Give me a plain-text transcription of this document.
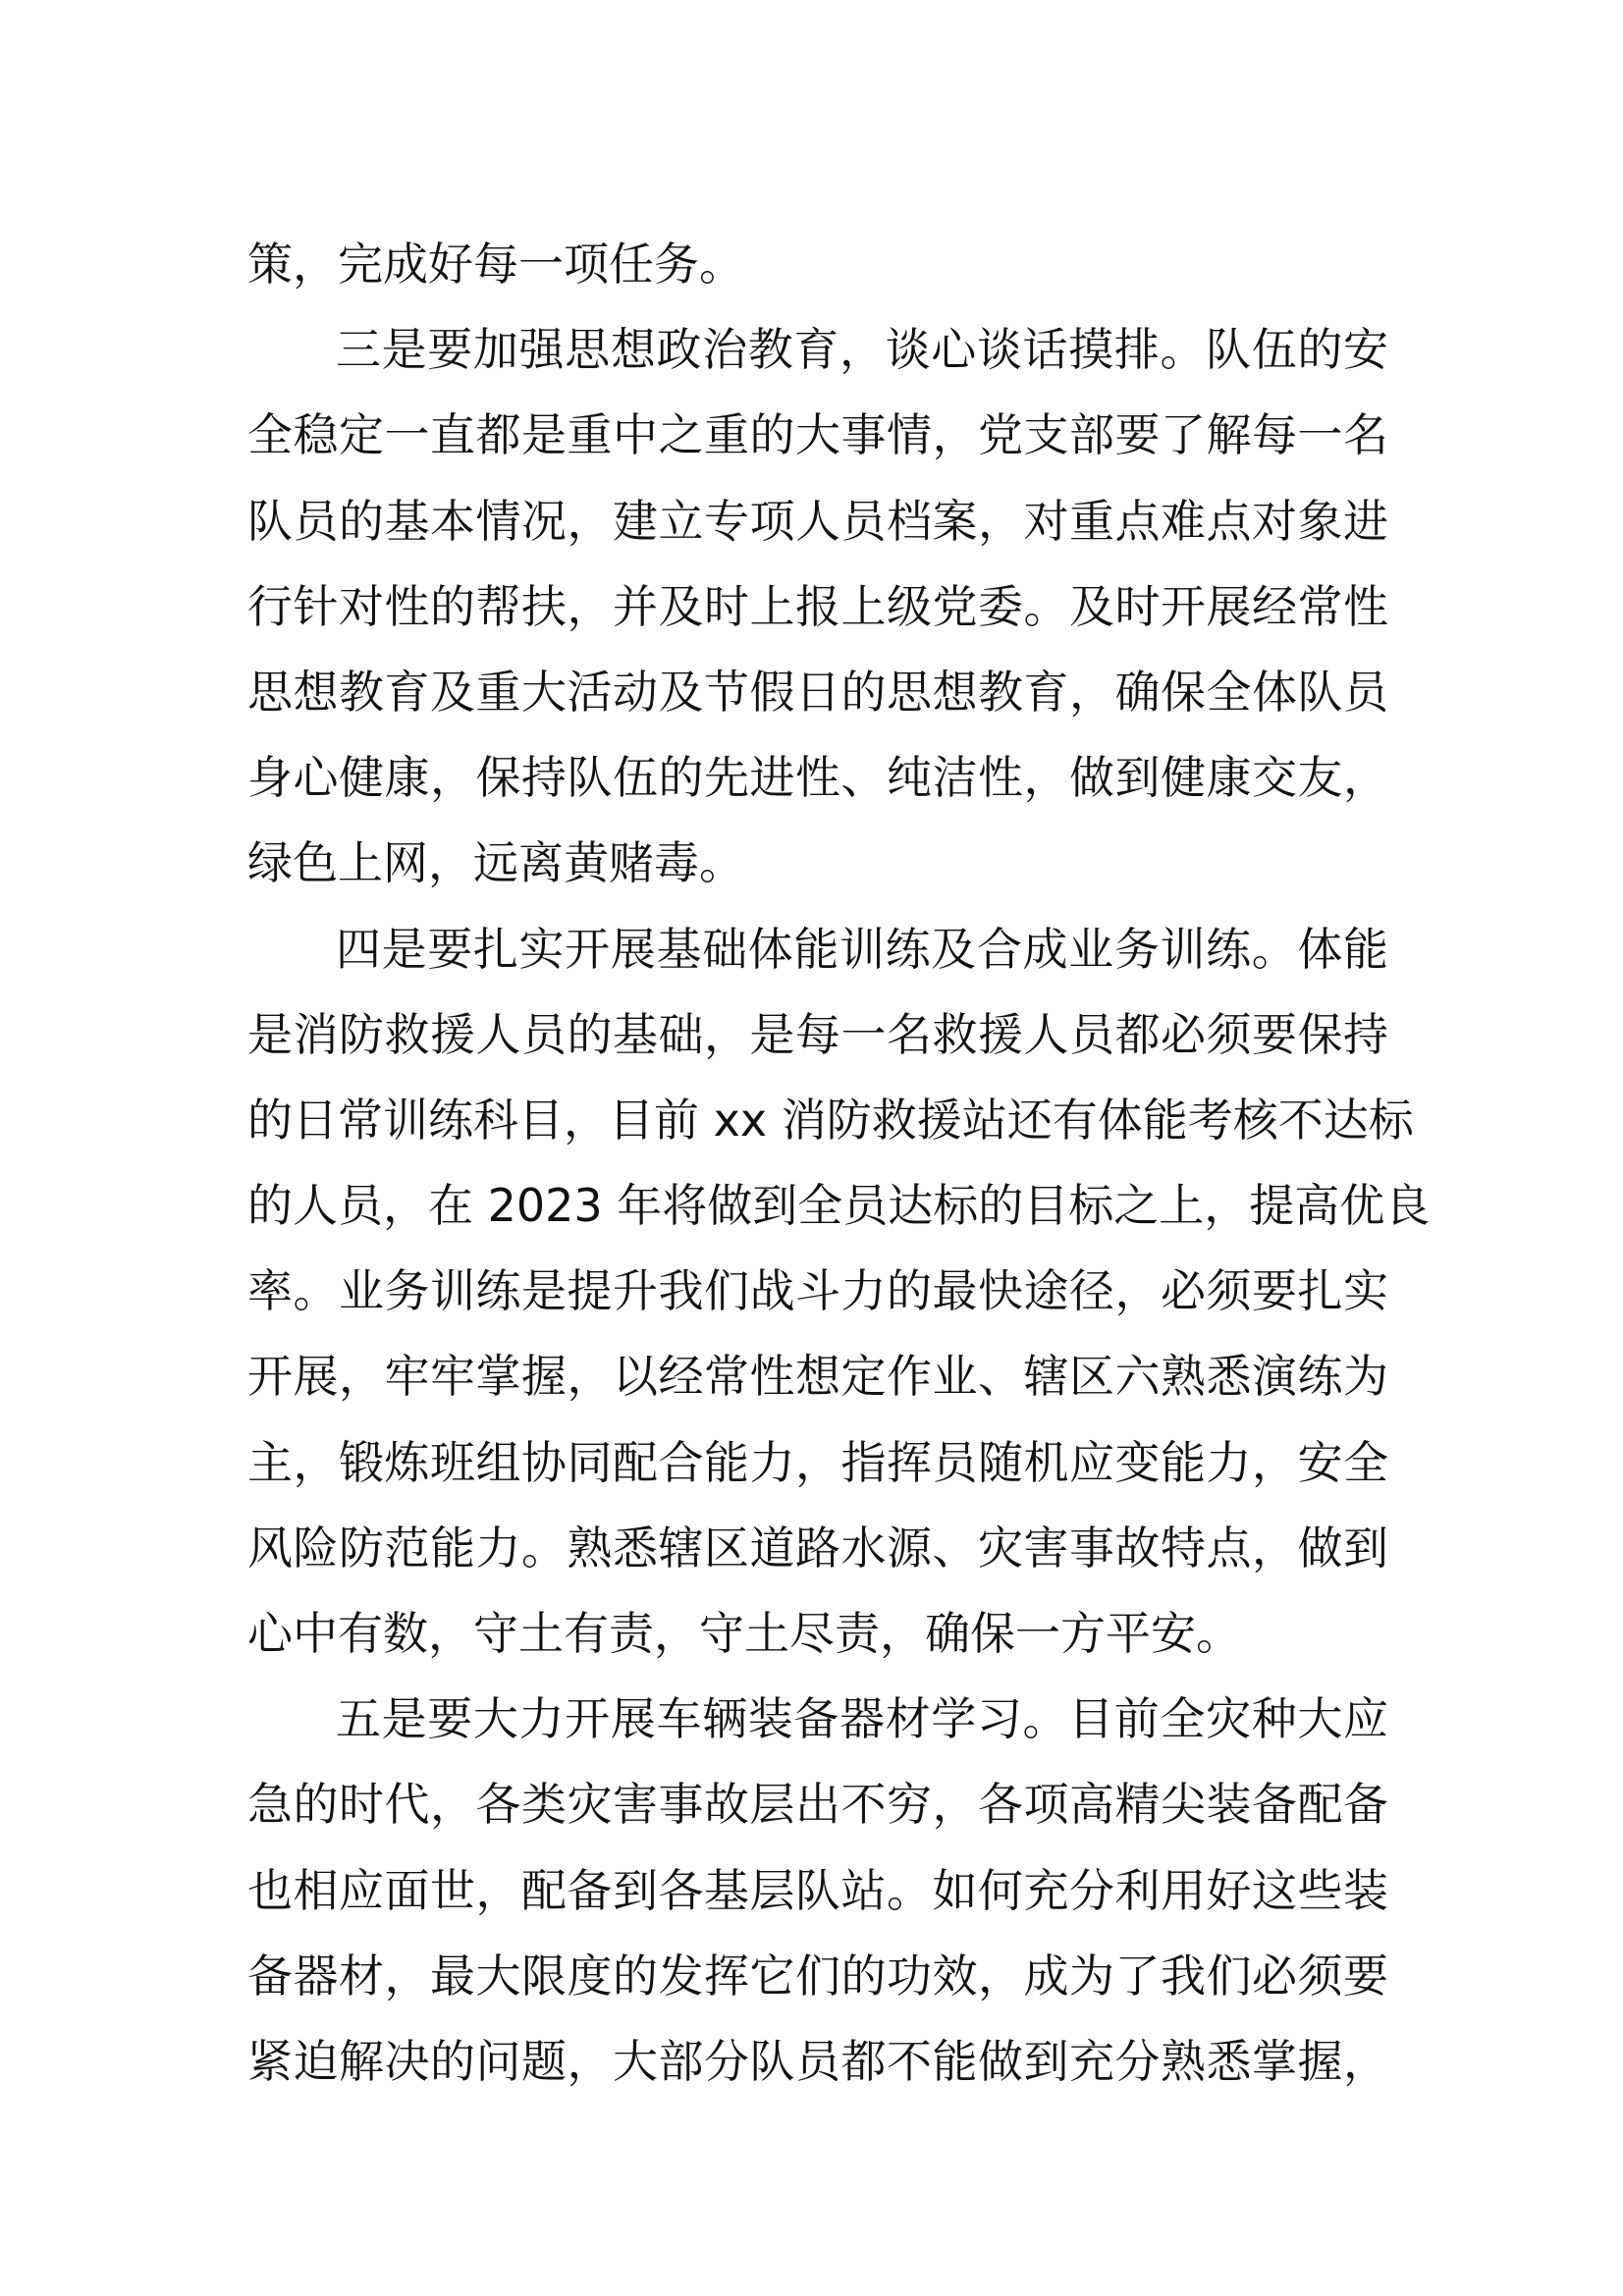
策，完成好每一项任务。
三是要加强思想政治教育，谈心谈话摸排。队伍的安
全稳定一直都是重中之重的大事情，党支部要了解每一名
队员的基本情况，建立专项人员档案，对重点难点对象进
行针对性的帮扶，并及时上报上级党委。及时开展经常性
思想教育及重大活动及节假日的思想教育，确保全体队员
身心健康，保持队伍的先进性、纯洁性，做到健康交友，
绿色上网，远离黄赌毒。
四是要扎实开展基础体能训练及合成业务训练。体能
是消防救援人员的基础，是每一名救援人员都必须要保持
的日常训练科目，目前 xx 消防救援站还有体能考核不达标
的人员，在 2023 年将做到全员达标的目标之上，提高优良
率。业务训练是提升我们战斗力的最快途径，必须要扎实
开展，牢牢掌握，以经常性想定作业、辖区六熟悉演练为
主，锻炼班组协同配合能力，指挥员随机应变能力，安全
风险防范能力。熟悉辖区道路水源、灾害事故特点，做到
心中有数，守土有责，守土尽责，确保一方平安。
五是要大力开展车辆装备器材学习。目前全灾种大应
急的时代，各类灾害事故层出不穷，各项高精尖装备配备
也相应面世，配备到各基层队站。如何充分利用好这些装
备器材，最大限度的发挥它们的功效，成为了我们必须要
紧迫解决的问题，大部分队员都不能做到充分熟悉掌握，
